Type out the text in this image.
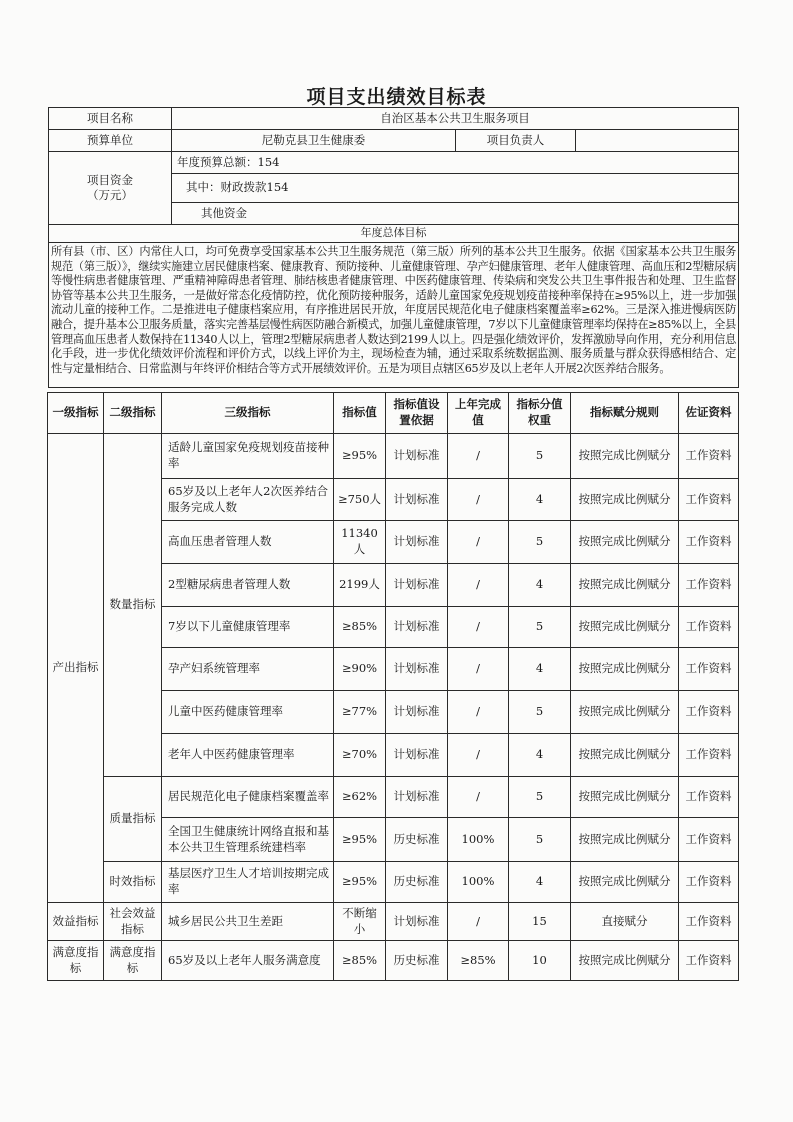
项目支出绩效目标表
项目名称	自治区基本公共卫生服务项目		
预算单位	尼勒克县卫生健康委	项目负责人	

项目资金
（万元）	年度预算总额：154		
	其中：财政拨款154		
	其他资金		
年度总体目标			
所有县（市、区）内常住人口，均可免费享受国家基本公共卫生服务规范（第三版）所列的基本公共卫生服务。依据《国家基本公共卫生服务规范（第三版）》，继续实施建立居民健康档案、健康教育、预防接种、儿童健康管理、孕产妇健康管理、老年人健康管理、高血压和2型糖尿病等慢性病患者健康管理、严重精神障碍患者管理、肺结核患者健康管理、中医药健康管理、传染病和突发公共卫生事件报告和处理、卫生监督协管等基本公共卫生服务，一是做好常态化疫情防控，优化预防接种服务，适龄儿童国家免疫规划疫苗接种率保持在≥95%以上，进一步加强流动儿童的接种工作。二是推进电子健康档案应用，有序推进居民开放，年度居民规范化电子健康档案覆盖率≥62%。三是深入推进慢病医防融合，提升基本公卫服务质量，落实完善基层慢性病医防融合新模式，加强儿童健康管理，7岁以下儿童健康管理率均保持在≥85%以上，全县管理高血压患者人数保持在11340人以上，管理2型糖尿病患者人数达到2199人以上。四是强化绩效评价，发挥激励导向作用，充分利用信息化手段，进一步优化绩效评价流程和评价方式，以线上评价为主，现场检查为辅，通过采取系统数据监测、服务质量与群众获得感相结合、定性与定量相结合、日常监测与年终评价相结合等方式开展绩效评价。五是为项目点辖区65岁及以上老年人开展2次医养结合服务。			
一级指标	二级指标	三级指标	指标值	指标值设置依据	上年完成值	指标分值权重	指标赋分规则	佐证资料
产出指标	数量指标	适龄儿童国家免疫规划疫苗接种率	≥95%	计划标准	/	5	按照完成比例赋分	工作资料
		65岁及以上老年人2次医养结合服务完成人数	≥750人	计划标准	/	4	按照完成比例赋分	工作资料
		高血压患者管理人数	11340人	计划标准	/	5	按照完成比例赋分	工作资料
		2型糖尿病患者管理人数	2199人	计划标准	/	4	按照完成比例赋分	工作资料
		7岁以下儿童健康管理率	≥85%	计划标准	/	5	按照完成比例赋分	工作资料
		孕产妇系统管理率	≥90%	计划标准	/	4	按照完成比例赋分	工作资料
		儿童中医药健康管理率	≥77%	计划标准	/	5	按照完成比例赋分	工作资料
		老年人中医药健康管理率	≥70%	计划标准	/	4	按照完成比例赋分	工作资料
	质量指标	居民规范化电子健康档案覆盖率	≥62%	计划标准	/	5	按照完成比例赋分	工作资料
		全国卫生健康统计网络直报和基本公共卫生管理系统建档率	≥95%	历史标准	100%	5	按照完成比例赋分	工作资料
	时效指标	基层医疗卫生人才培训按期完成率	≥95%	历史标准	100%	4	按照完成比例赋分	工作资料
效益指标	社会效益指标	城乡居民公共卫生差距	不断缩小	计划标准	/	15	直接赋分	工作资料
满意度指标	满意度指标	65岁及以上老年人服务满意度	≥85%	历史标准	≥85%	10	按照完成比例赋分	工作资料
